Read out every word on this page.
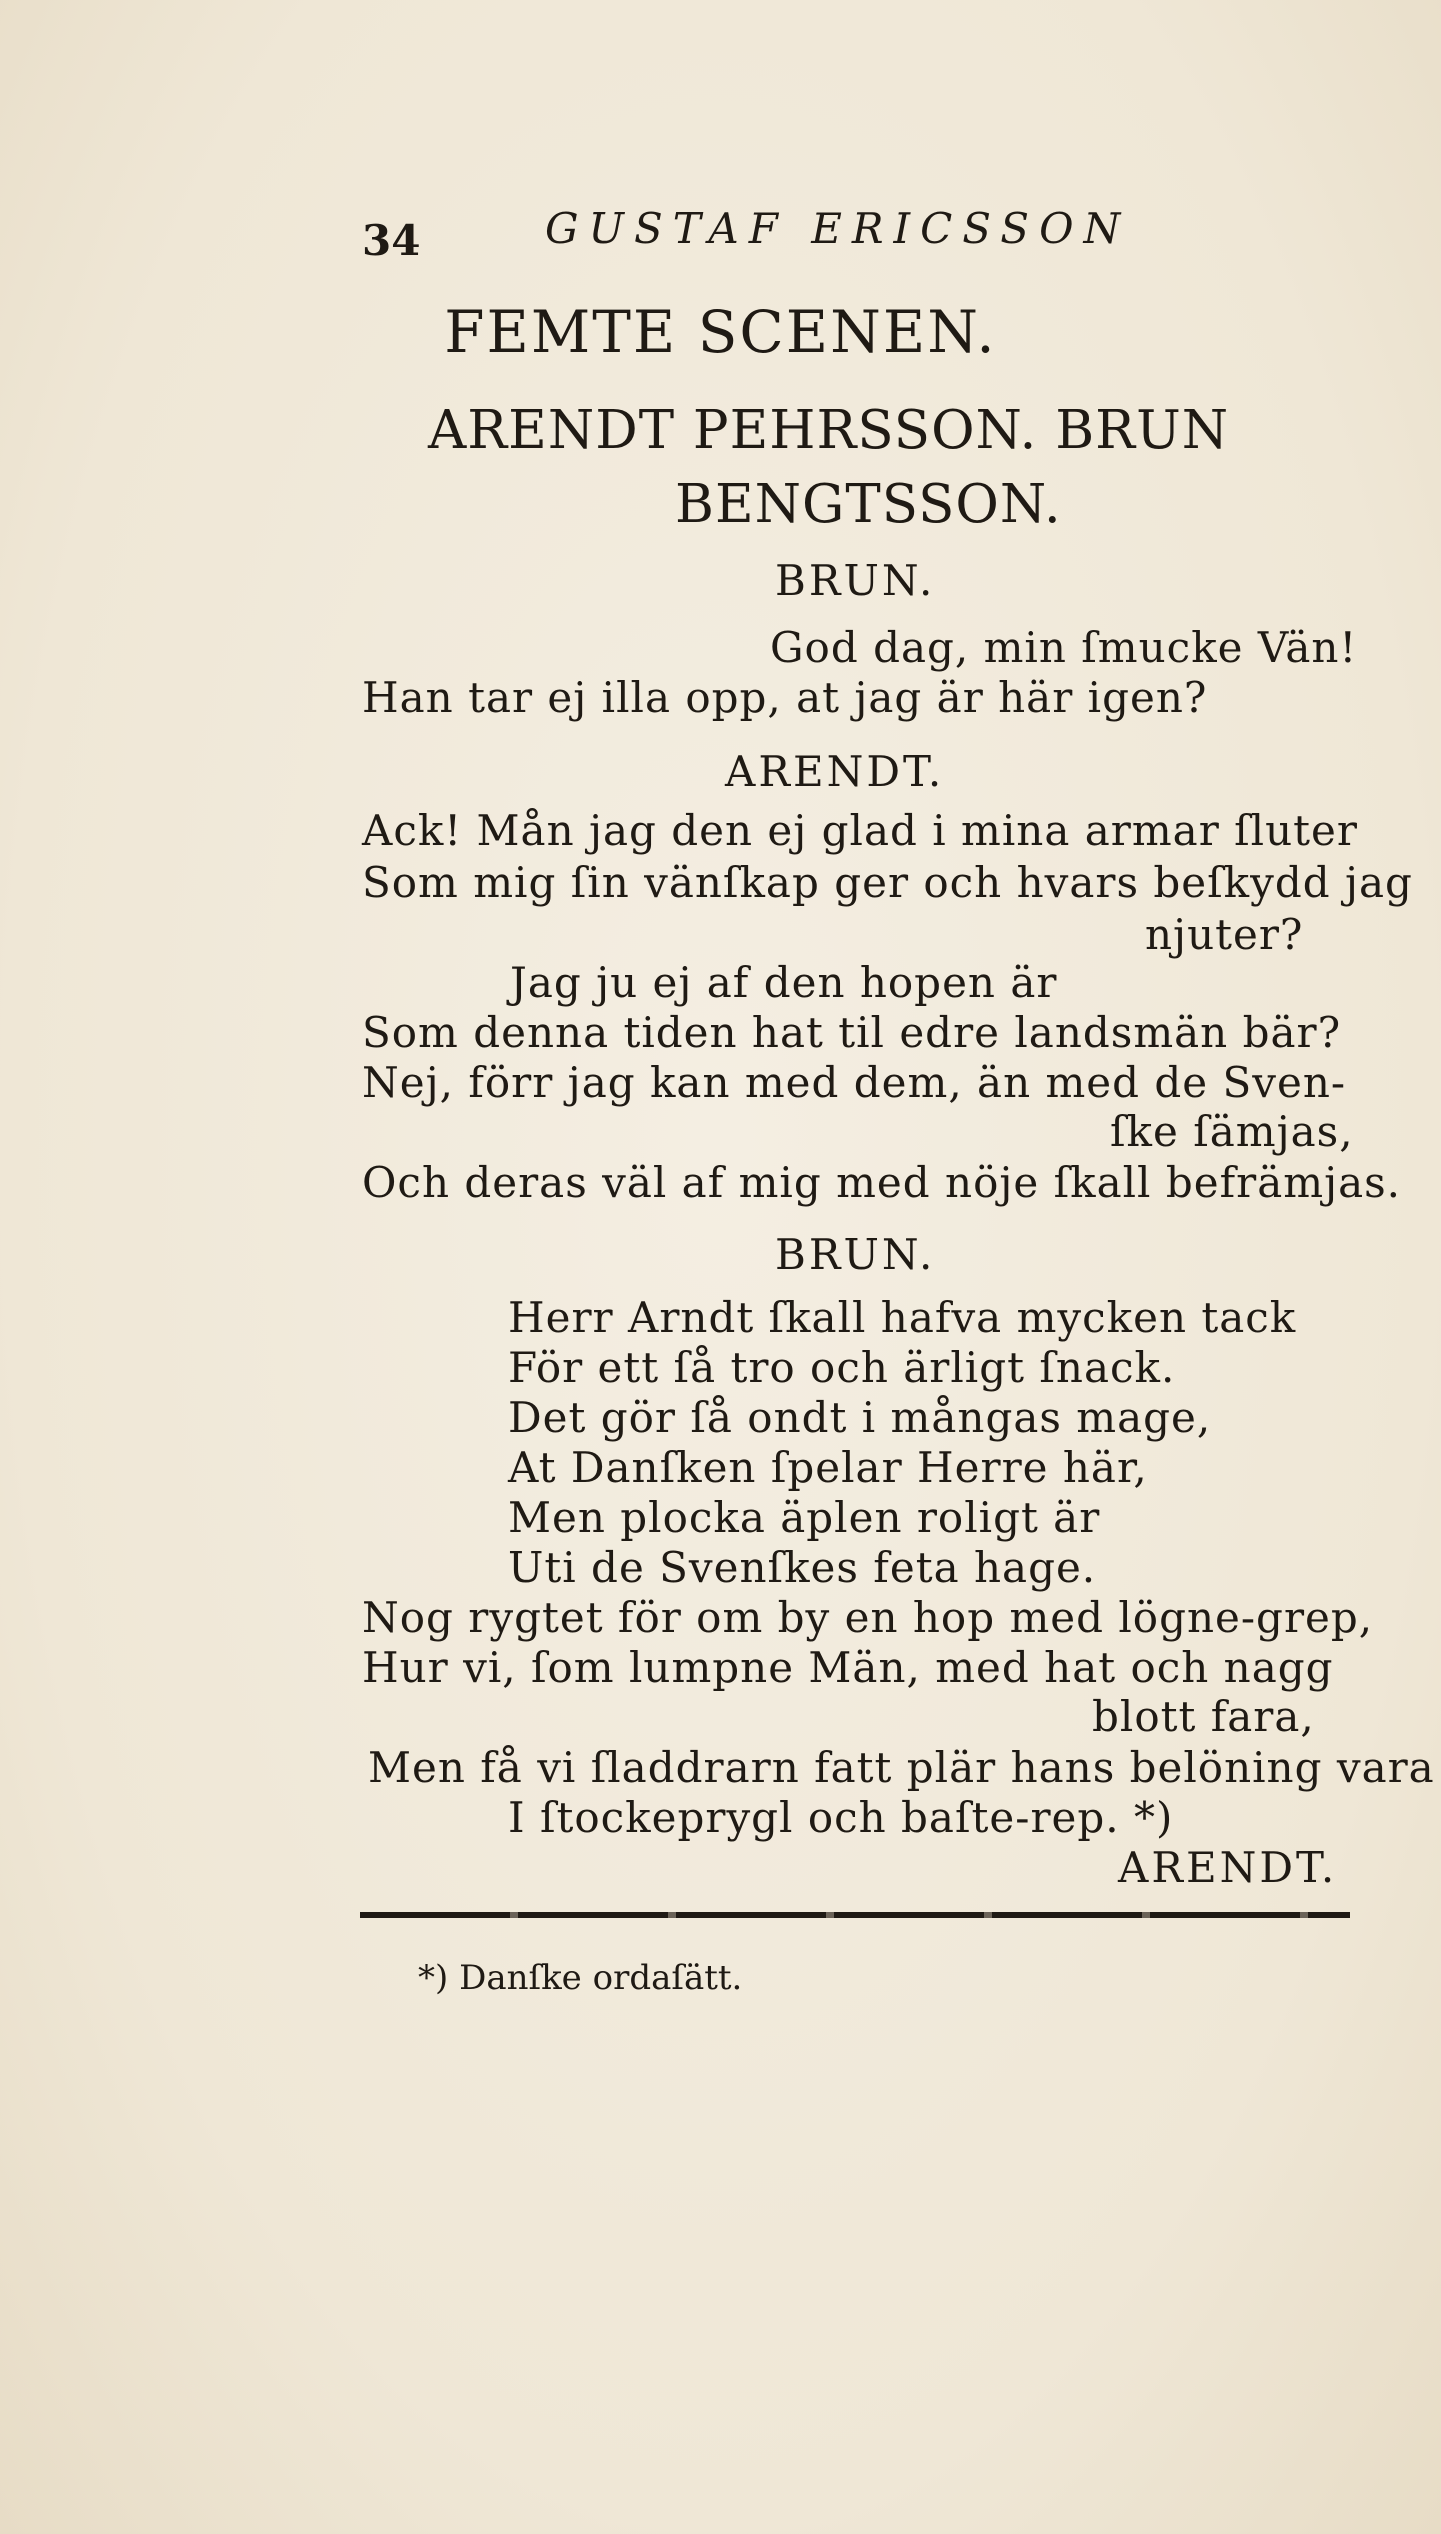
34	GUSTAF ERICSSON
FEMTE SCENEN.
ARENDT PEHRSSON. BRUN
BENGTSSON.
BRUN.
God dag, min ſmucke Vän!
Han tar ej illa opp, at jag är här igen?
ARENDT.
Ack! Mån jag den ej glad i mina armar ſluter
Som mig ſin vänſkap ger och hvars beſkydd jag
njuter?
Jag ju ej af den hopen är
Som denna tiden hat til edre landsmän bär?
Nej, förr jag kan med dem, än med de Sven-
ſke ſämjas,
Och deras väl af mig med nöje ſkall befrämjas.
BRUN.
Herr Arndt ſkall hafva mycken tack
För ett ſå tro och ärligt ſnack.
Det gör ſå ondt i mångas mage,
At Danſken ſpelar Herre här,
Men plocka äplen roligt är
Uti de Svenſkes feta hage.
Nog rygtet för om by en hop med lögne-grep,
Hur vi, ſom lumpne Män, med hat och nagg
blott fara,
Men få vi ſladdrarn fatt plär hans belöning vara
I ſtockeprygl och baſte-rep. *)
ARENDT.
*) Danſke ordaſätt.
